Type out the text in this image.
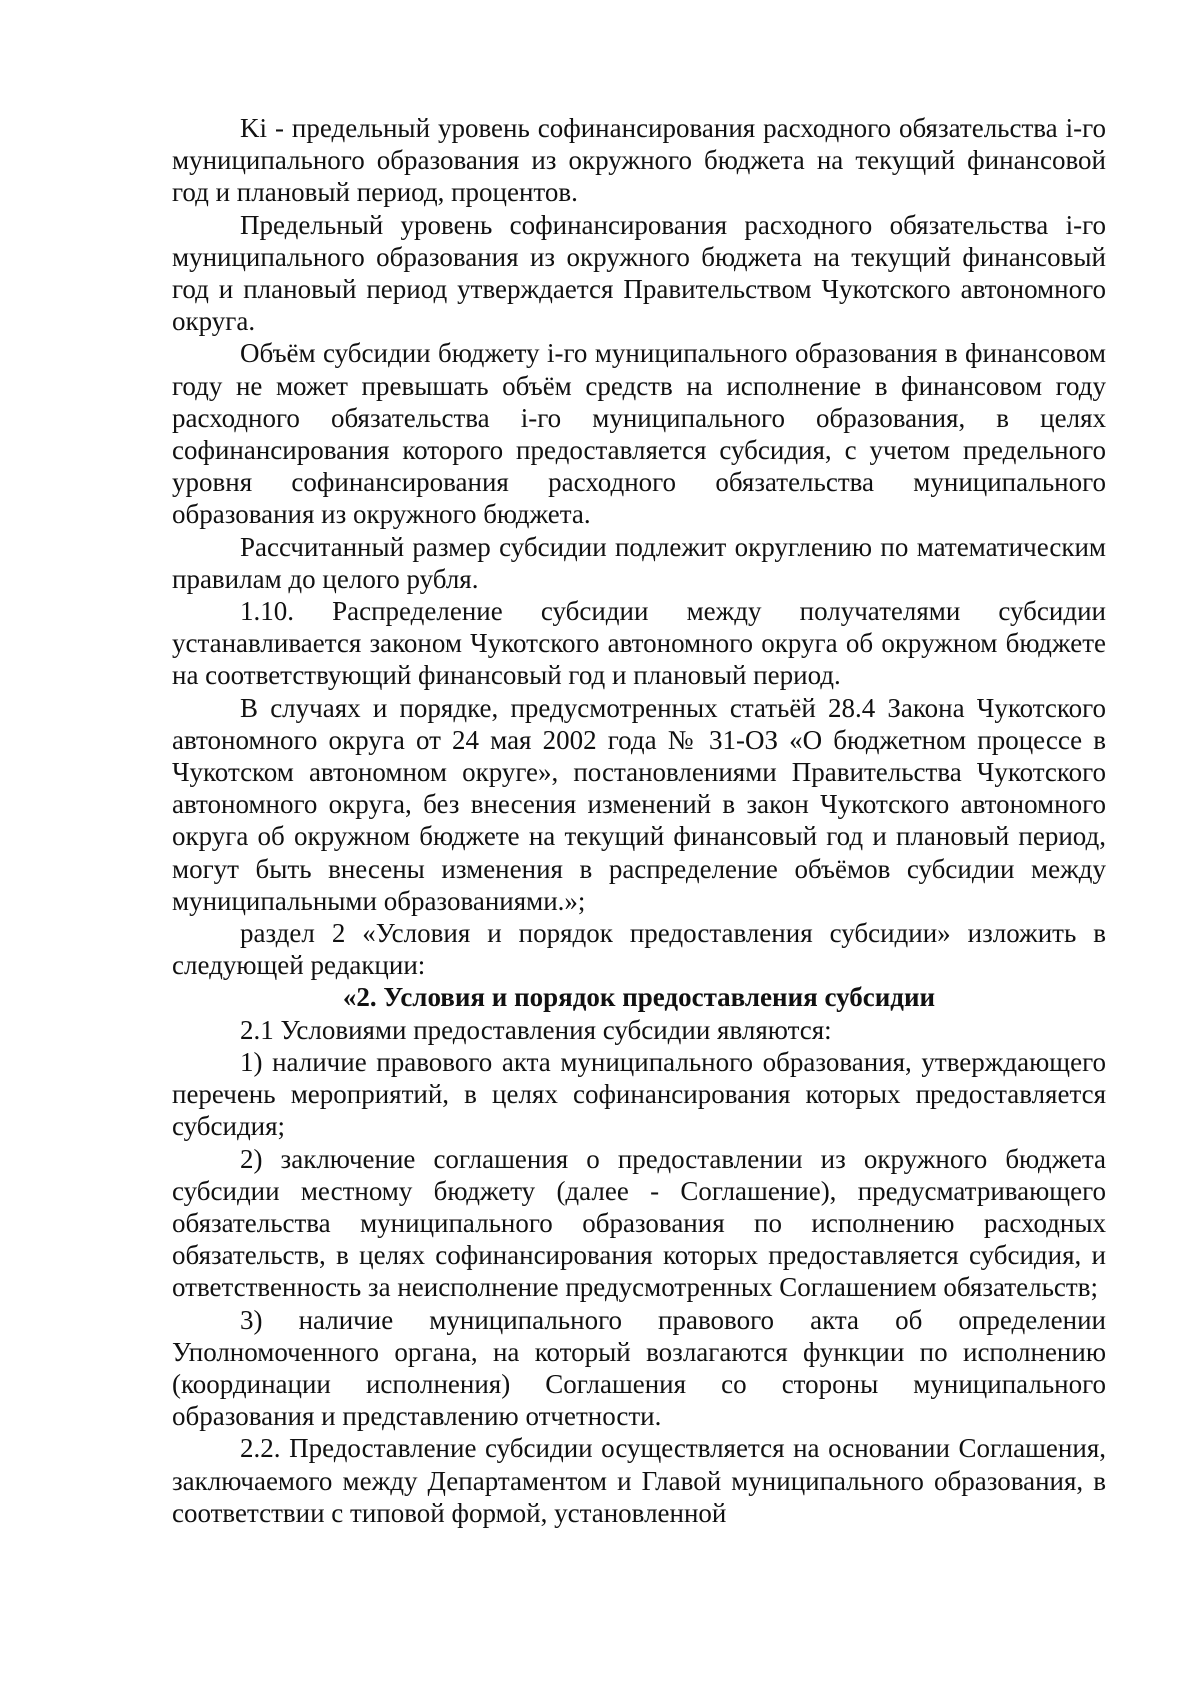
Ki - предельный уровень софинансирования расходного обязательства i-го муниципального образования из окружного бюджета на текущий финансовой год и плановый период, процентов.

Предельный уровень софинансирования расходного обязательства i-го муниципального образования из окружного бюджета на текущий финансовый год и плановый период утверждается Правительством Чукотского автономного округа.

Объём субсидии бюджету i-го муниципального образования в финансовом году не может превышать объём средств на исполнение в финансовом году расходного обязательства i-го муниципального образования, в целях софинансирования которого предоставляется субсидия, с учетом предельного уровня софинансирования расходного обязательства муниципального образования из окружного бюджета.

Рассчитанный размер субсидии подлежит округлению по математическим правилам до целого рубля.

1.10. Распределение субсидии между получателями субсидии устанавливается законом Чукотского автономного округа об окружном бюджете на соответствующий финансовый год и плановый период.

В случаях и порядке, предусмотренных статьёй 28.4 Закона Чукотского автономного округа от 24 мая 2002 года № 31-ОЗ «О бюджетном процессе в Чукотском автономном округе», постановлениями Правительства Чукотского автономного округа, без внесения изменений в закон Чукотского автономного округа об окружном бюджете на текущий финансовый год и плановый период, могут быть внесены изменения в распределение объёмов субсидии между муниципальными образованиями.»;

раздел 2 «Условия и порядок предоставления субсидии» изложить в следующей редакции:

«2. Условия и порядок предоставления субсидии

2.1 Условиями предоставления субсидии являются:

1) наличие правового акта муниципального образования, утверждающего перечень мероприятий, в целях софинансирования которых предоставляется субсидия;

2) заключение соглашения о предоставлении из окружного бюджета субсидии местному бюджету (далее - Соглашение), предусматривающего обязательства муниципального образования по исполнению расходных обязательств, в целях софинансирования которых предоставляется субсидия, и ответственность за неисполнение предусмотренных Соглашением обязательств;

3) наличие муниципального правового акта об определении Уполномоченного органа, на который возлагаются функции по исполнению (координации исполнения) Соглашения со стороны муниципального образования и представлению отчетности.

2.2. Предоставление субсидии осуществляется на основании Соглашения, заключаемого между Департаментом и Главой муниципального образования, в соответствии с типовой формой, установленной
